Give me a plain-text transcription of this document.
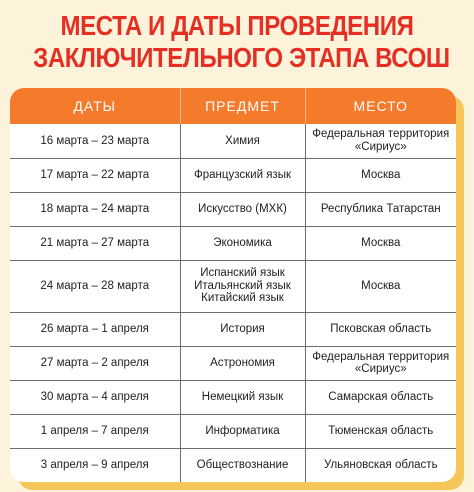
МЕСТА И ДАТЫ ПРОВЕДЕНИЯ
ЗАКЛЮЧИТЕЛЬНОГО ЭТАПА ВСОШ
ДАТЫ	ПРЕДМЕТ	МЕСТО
16 марта – 23 марта	Химия	Федеральная территория
«Сириус»

17 марта – 22 марта	Французский язык	Москва

18 марта – 24 марта	Искусство (МХК)	Республика Татарстан

21 марта – 27 марта	Экономика	Москва

24 марта – 28 марта	Испанский язык
Итальянский язык
Китайский язык	Москва

26 марта – 1 апреля	История	Псковская область

27 марта – 2 апреля	Астрономия	Федеральная территория
«Сириус»

30 марта – 4 апреля	Немецкий язык	Самарская область

1 апреля – 7 апреля	Информатика	Тюменская область

3 апреля – 9 апреля	Обществознание	Ульяновская область
